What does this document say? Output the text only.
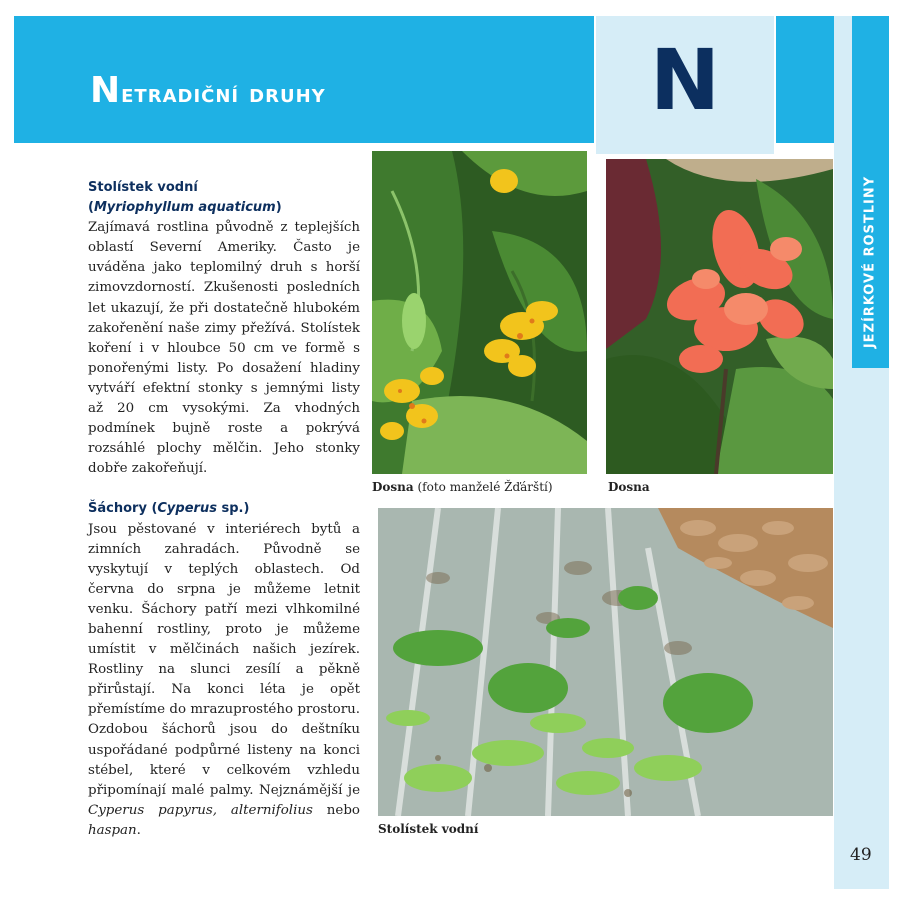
Netradiční druhy	N
JEZÍRKOVÉ ROSTLINY
49
Stolístek vodní
(Myriophyllum aquaticum)

Zajímavá rostlina původně z teplejších oblastí Severní Ameriky. Často je uváděna jako teplomilný druh s horší zimovzdorností. Zkušenosti posledních let ukazují, že při dostatečně hlubokém zakořenění naše zimy přežívá. Stolístek koření i v hloubce 50 cm ve formě s ponořenými listy. Po dosažení hladiny vytváří efektní stonky s jemnými listy až 20 cm vysokými. Za vhodných podmínek bujně roste a pokrývá rozsáhlé plochy mělčin. Jeho stonky dobře zakořeňují.

Šáchory (Cyperus sp.)

Jsou pěstované v interiérech bytů a zimních zahradách. Původně se vyskytují v teplých oblastech. Od června do srpna je můžeme letnit venku. Šáchory patří mezi vlhkomilné bahenní rostliny, proto je můžeme umístit v mělčinách našich jezírek. Rostliny na slunci zesílí a pěkně přirůstají. Na konci léta je opět přemístíme do mrazuprostého prostoru. Ozdobou šáchorů jsou do deštníku uspořádané podpůrné listeny na konci stébel, které v celkovém vzhledu připomínají malé palmy. Nejznámější je Cyperus papyrus, alternifolius nebo haspan.

Dosna (foto manželé Žďárští)	Dosna
Stolístek vodní
